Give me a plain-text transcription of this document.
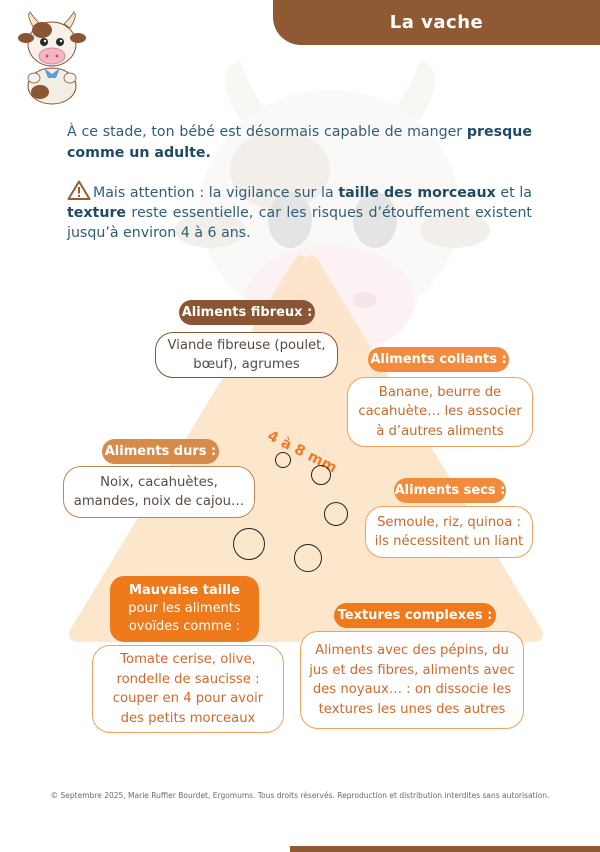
La vache

À ce stade, ton bébé est désormais capable de manger presque comme un adulte.

Mais attention : la vigilance sur la taille des morceaux et la texture reste essentielle, car les risques d’étouffement existent jusqu’à environ 4 à 6 ans.

4 à 8 mm
Viande fibreuse (poulet, bœuf), agrumes
Aliments fibreux :
Banane, beurre de cacahuète… les associer à d’autres aliments
Aliments collants :
Noix, cacahuètes, amandes, noix de cajou…
Aliments durs :
Semoule, riz, quinoa : ils nécessitent un liant
Aliments secs :
Tomate cerise, olive, rondelle de saucisse : couper en 4 pour avoir des petits morceaux
Mauvaise taille
pour les aliments ovoïdes comme :
Aliments avec des pépins, du jus et des fibres, aliments avec des noyaux… : on dissocie les textures les unes des autres
Textures complexes :
© Septembre 2025, Marie Ruffier Bourdet, Ergomums. Tous droits réservés. Reproduction et distribution interdites sans autorisation.
